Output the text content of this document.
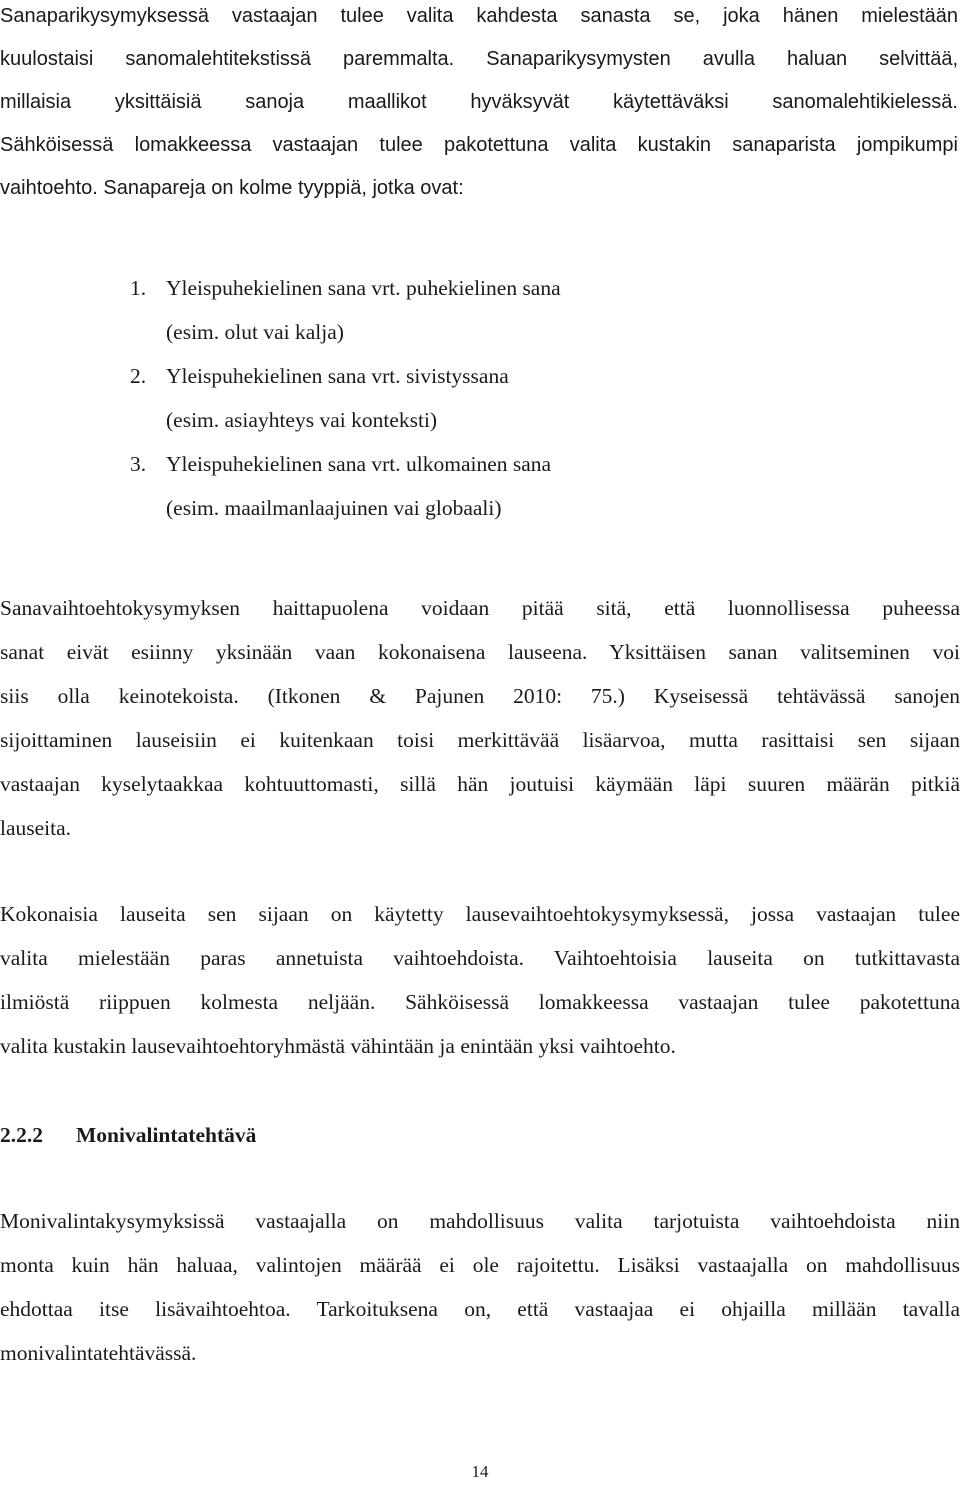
Sanaparikysymyksessä vastaajan tulee valita kahdesta sanasta se, joka hänen mielestään
kuulostaisi sanomalehtitekstissä paremmalta. Sanaparikysymysten avulla haluan selvittää,
millaisia yksittäisiä sanoja maallikot hyväksyvät käytettäväksi sanomalehtikielessä.
Sähköisessä lomakkeessa vastaajan tulee pakotettuna valita kustakin sanaparista jompikumpi
vaihtoehto. Sanapareja on kolme tyyppiä, jotka ovat:
1. Yleispuhekielinen sana vrt. puhekielinen sana
(esim. olut vai kalja)
2. Yleispuhekielinen sana vrt. sivistyssana
(esim. asiayhteys vai konteksti)
3. Yleispuhekielinen sana vrt. ulkomainen sana
(esim. maailmanlaajuinen vai globaali)
Sanavaihtoehtokysymyksen haittapuolena voidaan pitää sitä, että luonnollisessa puheessa
sanat eivät esiinny yksinään vaan kokonaisena lauseena. Yksittäisen sanan valitseminen voi
siis olla keinotekoista. (Itkonen & Pajunen 2010: 75.) Kyseisessä tehtävässä sanojen
sijoittaminen lauseisiin ei kuitenkaan toisi merkittävää lisäarvoa, mutta rasittaisi sen sijaan
vastaajan kyselytaakkaa kohtuuttomasti, sillä hän joutuisi käymään läpi suuren määrän pitkiä
lauseita.
Kokonaisia lauseita sen sijaan on käytetty lausevaihtoehtokysymyksessä, jossa vastaajan tulee
valita mielestään paras annetuista vaihtoehdoista. Vaihtoehtoisia lauseita on tutkittavasta
ilmiöstä riippuen kolmesta neljään. Sähköisessä lomakkeessa vastaajan tulee pakotettuna
valita kustakin lausevaihtoehtoryhmästä vähintään ja enintään yksi vaihtoehto.
2.2.2 Monivalintatehtävä
Monivalintakysymyksissä vastaajalla on mahdollisuus valita tarjotuista vaihtoehdoista niin
monta kuin hän haluaa, valintojen määrää ei ole rajoitettu. Lisäksi vastaajalla on mahdollisuus
ehdottaa itse lisävaihtoehtoa. Tarkoituksena on, että vastaajaa ei ohjailla millään tavalla
monivalintatehtävässä.
14
